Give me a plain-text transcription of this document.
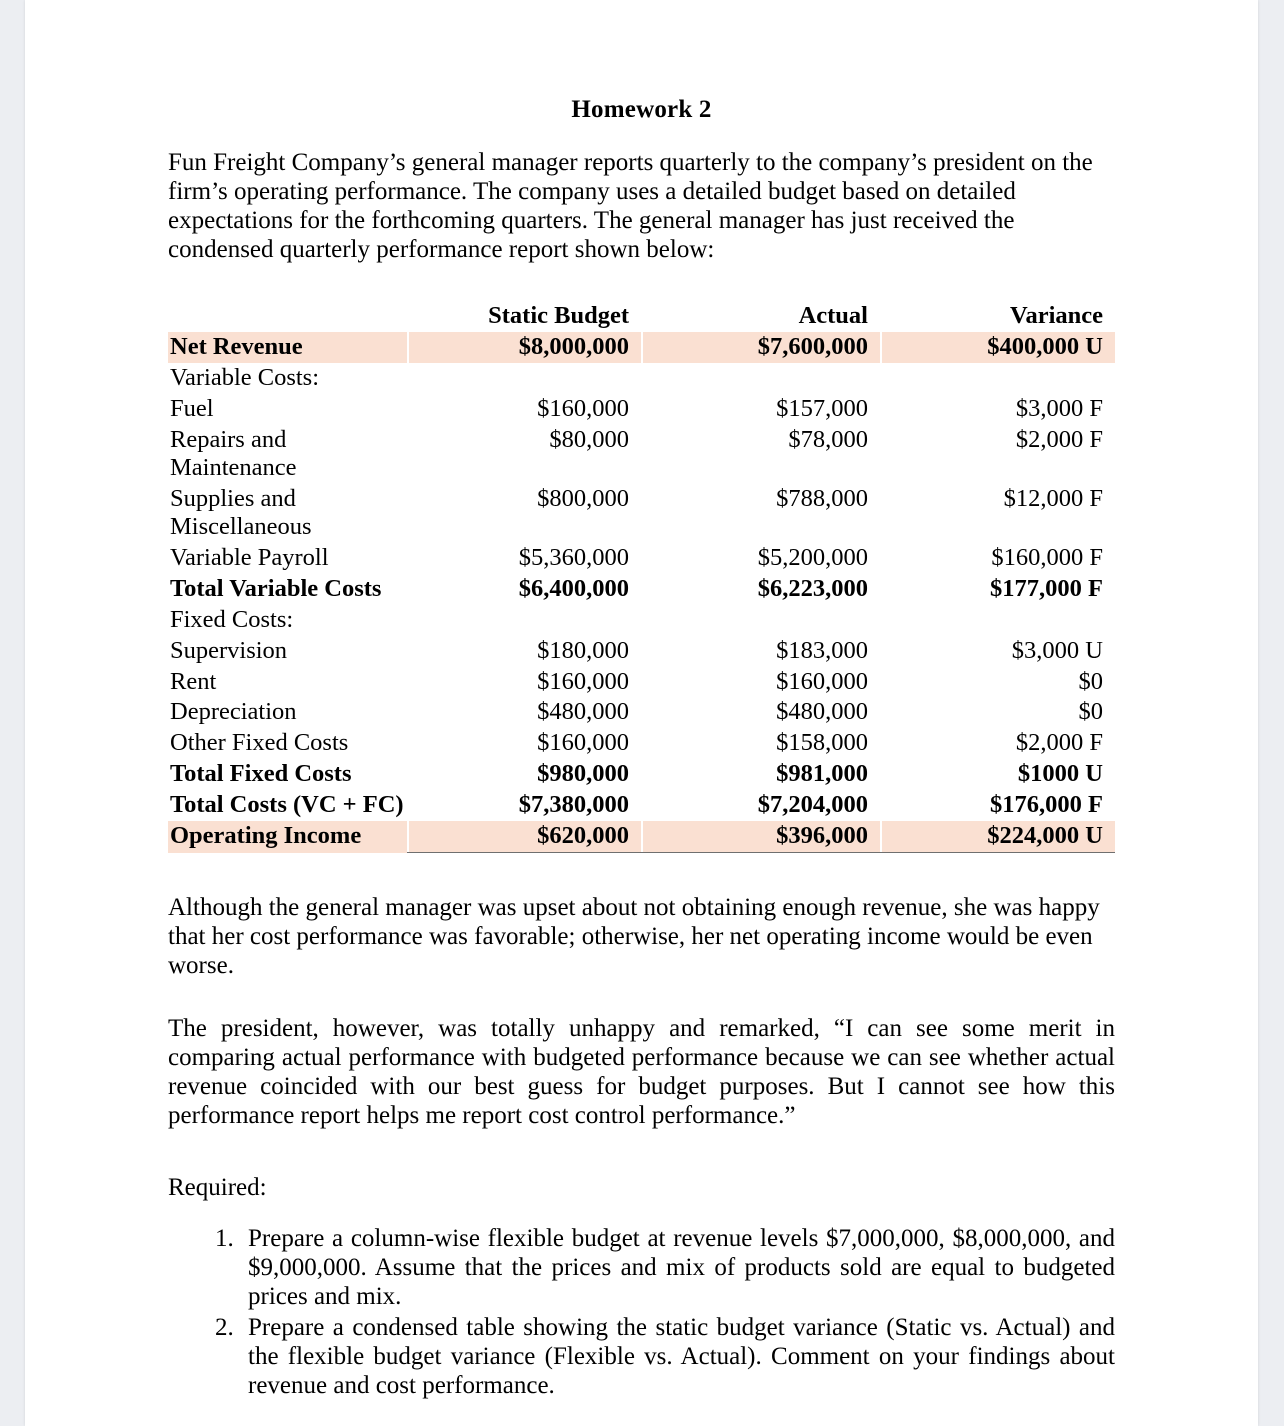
Homework 2
Fun Freight Company’s general manager reports quarterly to the company’s president on the firm’s operating performance. The company uses a detailed budget based on detailed expectations for the forthcoming quarters. The general manager has just received the condensed quarterly performance report shown below:
	Static Budget	Actual	Variance
Net Revenue	$8,000,000	$7,600,000	$400,000 U
Variable Costs:			
Fuel	$160,000	$157,000	$3,000 F
Repairs and Maintenance	$80,000	$78,000	$2,000 F
Supplies and Miscellaneous	$800,000	$788,000	$12,000 F
Variable Payroll	$5,360,000	$5,200,000	$160,000 F
Total Variable Costs	$6,400,000	$6,223,000	$177,000 F
Fixed Costs:			
Supervision	$180,000	$183,000	$3,000 U
Rent	$160,000	$160,000	$0
Depreciation	$480,000	$480,000	$0
Other Fixed Costs	$160,000	$158,000	$2,000 F
Total Fixed Costs	$980,000	$981,000	$1000 U
Total Costs (VC + FC)	$7,380,000	$7,204,000	$176,000 F
Operating Income	$620,000	$396,000	$224,000 U
Although the general manager was upset about not obtaining enough revenue, she was happy that her cost performance was favorable; otherwise, her net operating income would be even worse.
The president, however, was totally unhappy and remarked, “I can see some merit in comparing actual performance with budgeted performance because we can see whether actual revenue coincided with our best guess for budget purposes. But I cannot see how this performance report helps me report cost control performance.”
Required:
1. Prepare a column-wise flexible budget at revenue levels $7,000,000, $8,000,000, and $9,000,000. Assume that the prices and mix of products sold are equal to budgeted prices and mix.
2. Prepare a condensed table showing the static budget variance (Static vs. Actual) and the flexible budget variance (Flexible vs. Actual). Comment on your findings about revenue and cost performance.
